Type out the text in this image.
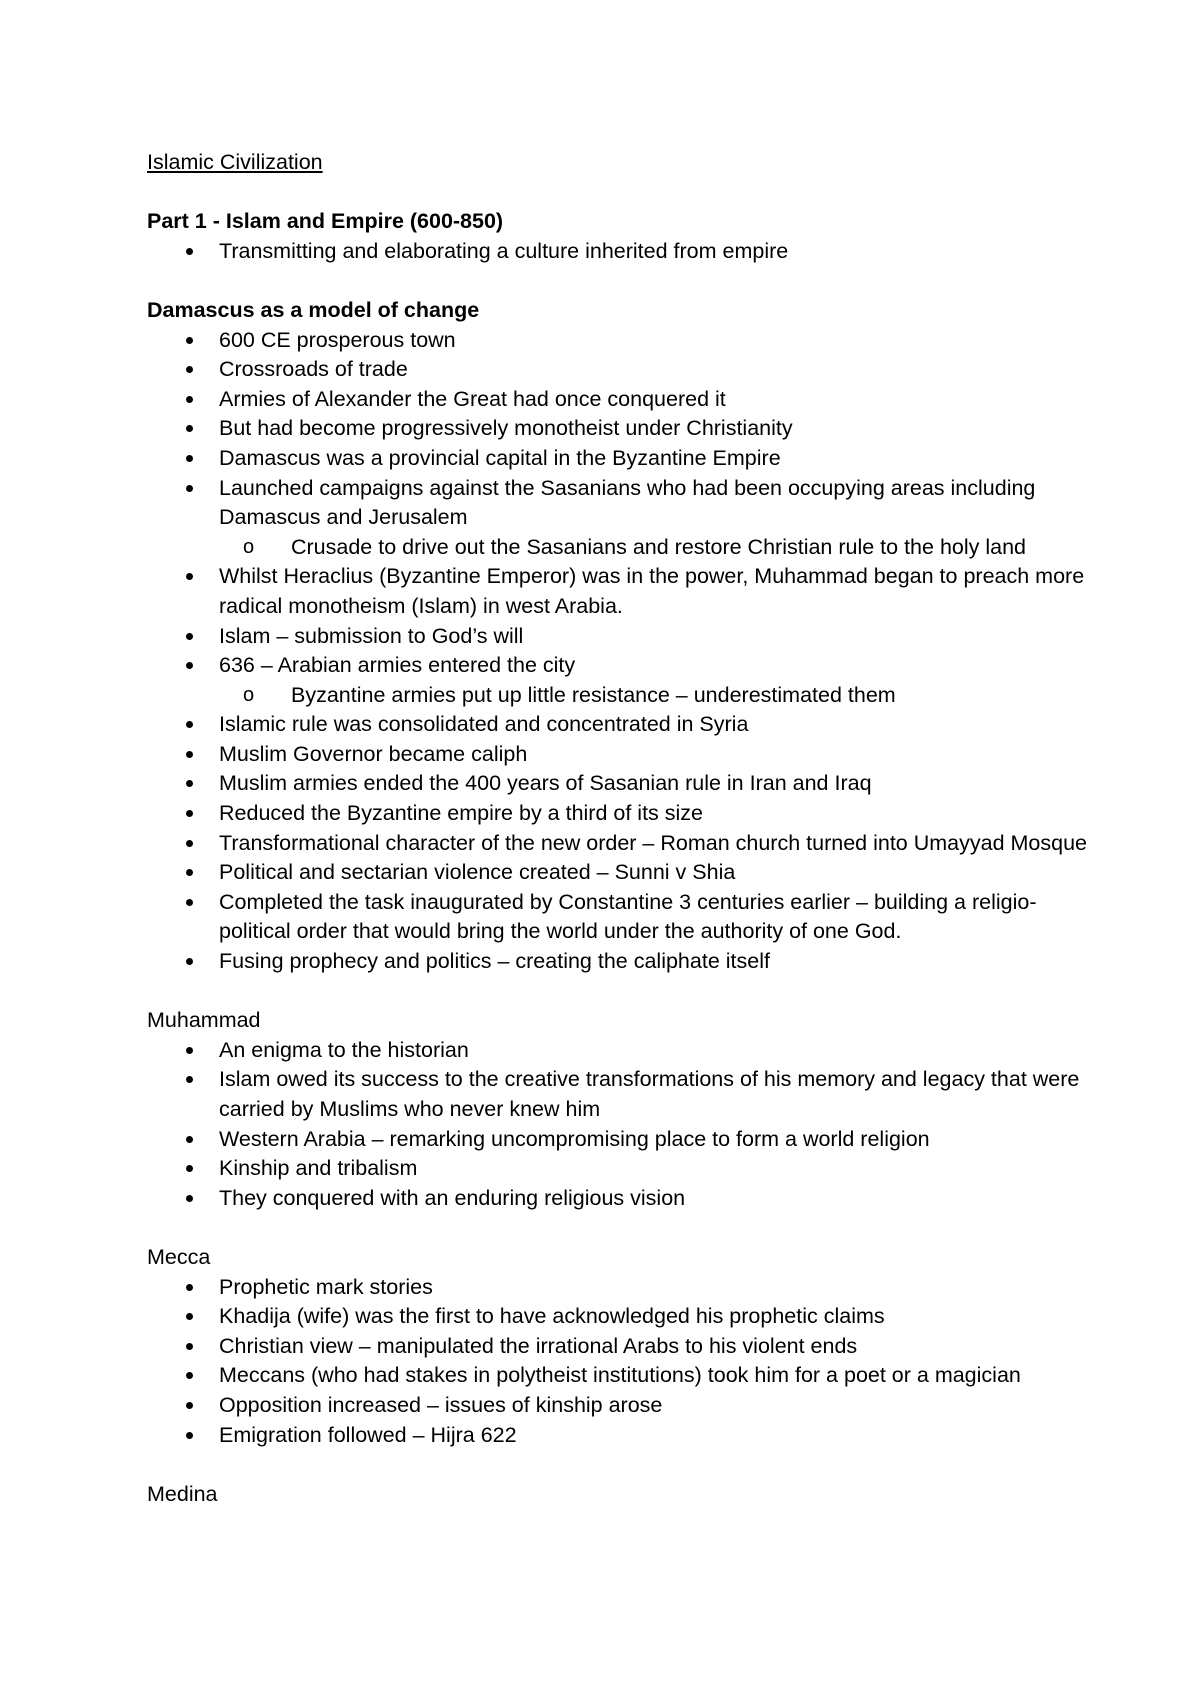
Islamic Civilization

Part 1 - Islam and Empire (600-850)

Transmitting and elaborating a culture inherited from empire

Damascus as a model of change

600 CE prosperous town
Crossroads of trade
Armies of Alexander the Great had once conquered it
But had become progressively monotheist under Christianity
Damascus was a provincial capital in the Byzantine Empire
Launched campaigns against the Sasanians who had been occupying areas including Damascus and Jerusalem
o Crusade to drive out the Sasanians and restore Christian rule to the holy land
Whilst Heraclius (Byzantine Emperor) was in the power, Muhammad began to preach more radical monotheism (Islam) in west Arabia.
Islam – submission to God’s will
636 – Arabian armies entered the city
o Byzantine armies put up little resistance – underestimated them
Islamic rule was consolidated and concentrated in Syria
Muslim Governor became caliph
Muslim armies ended the 400 years of Sasanian rule in Iran and Iraq
Reduced the Byzantine empire by a third of its size
Transformational character of the new order – Roman church turned into Umayyad Mosque
Political and sectarian violence created – Sunni v Shia
Completed the task inaugurated by Constantine 3 centuries earlier – building a religio-political order that would bring the world under the authority of one God.
Fusing prophecy and politics – creating the caliphate itself

Muhammad

An enigma to the historian
Islam owed its success to the creative transformations of his memory and legacy that were carried by Muslims who never knew him
Western Arabia – remarking uncompromising place to form a world religion
Kinship and tribalism
They conquered with an enduring religious vision

Mecca

Prophetic mark stories
Khadija (wife) was the first to have acknowledged his prophetic claims
Christian view – manipulated the irrational Arabs to his violent ends
Meccans (who had stakes in polytheist institutions) took him for a poet or a magician
Opposition increased – issues of kinship arose
Emigration followed – Hijra 622

Medina
